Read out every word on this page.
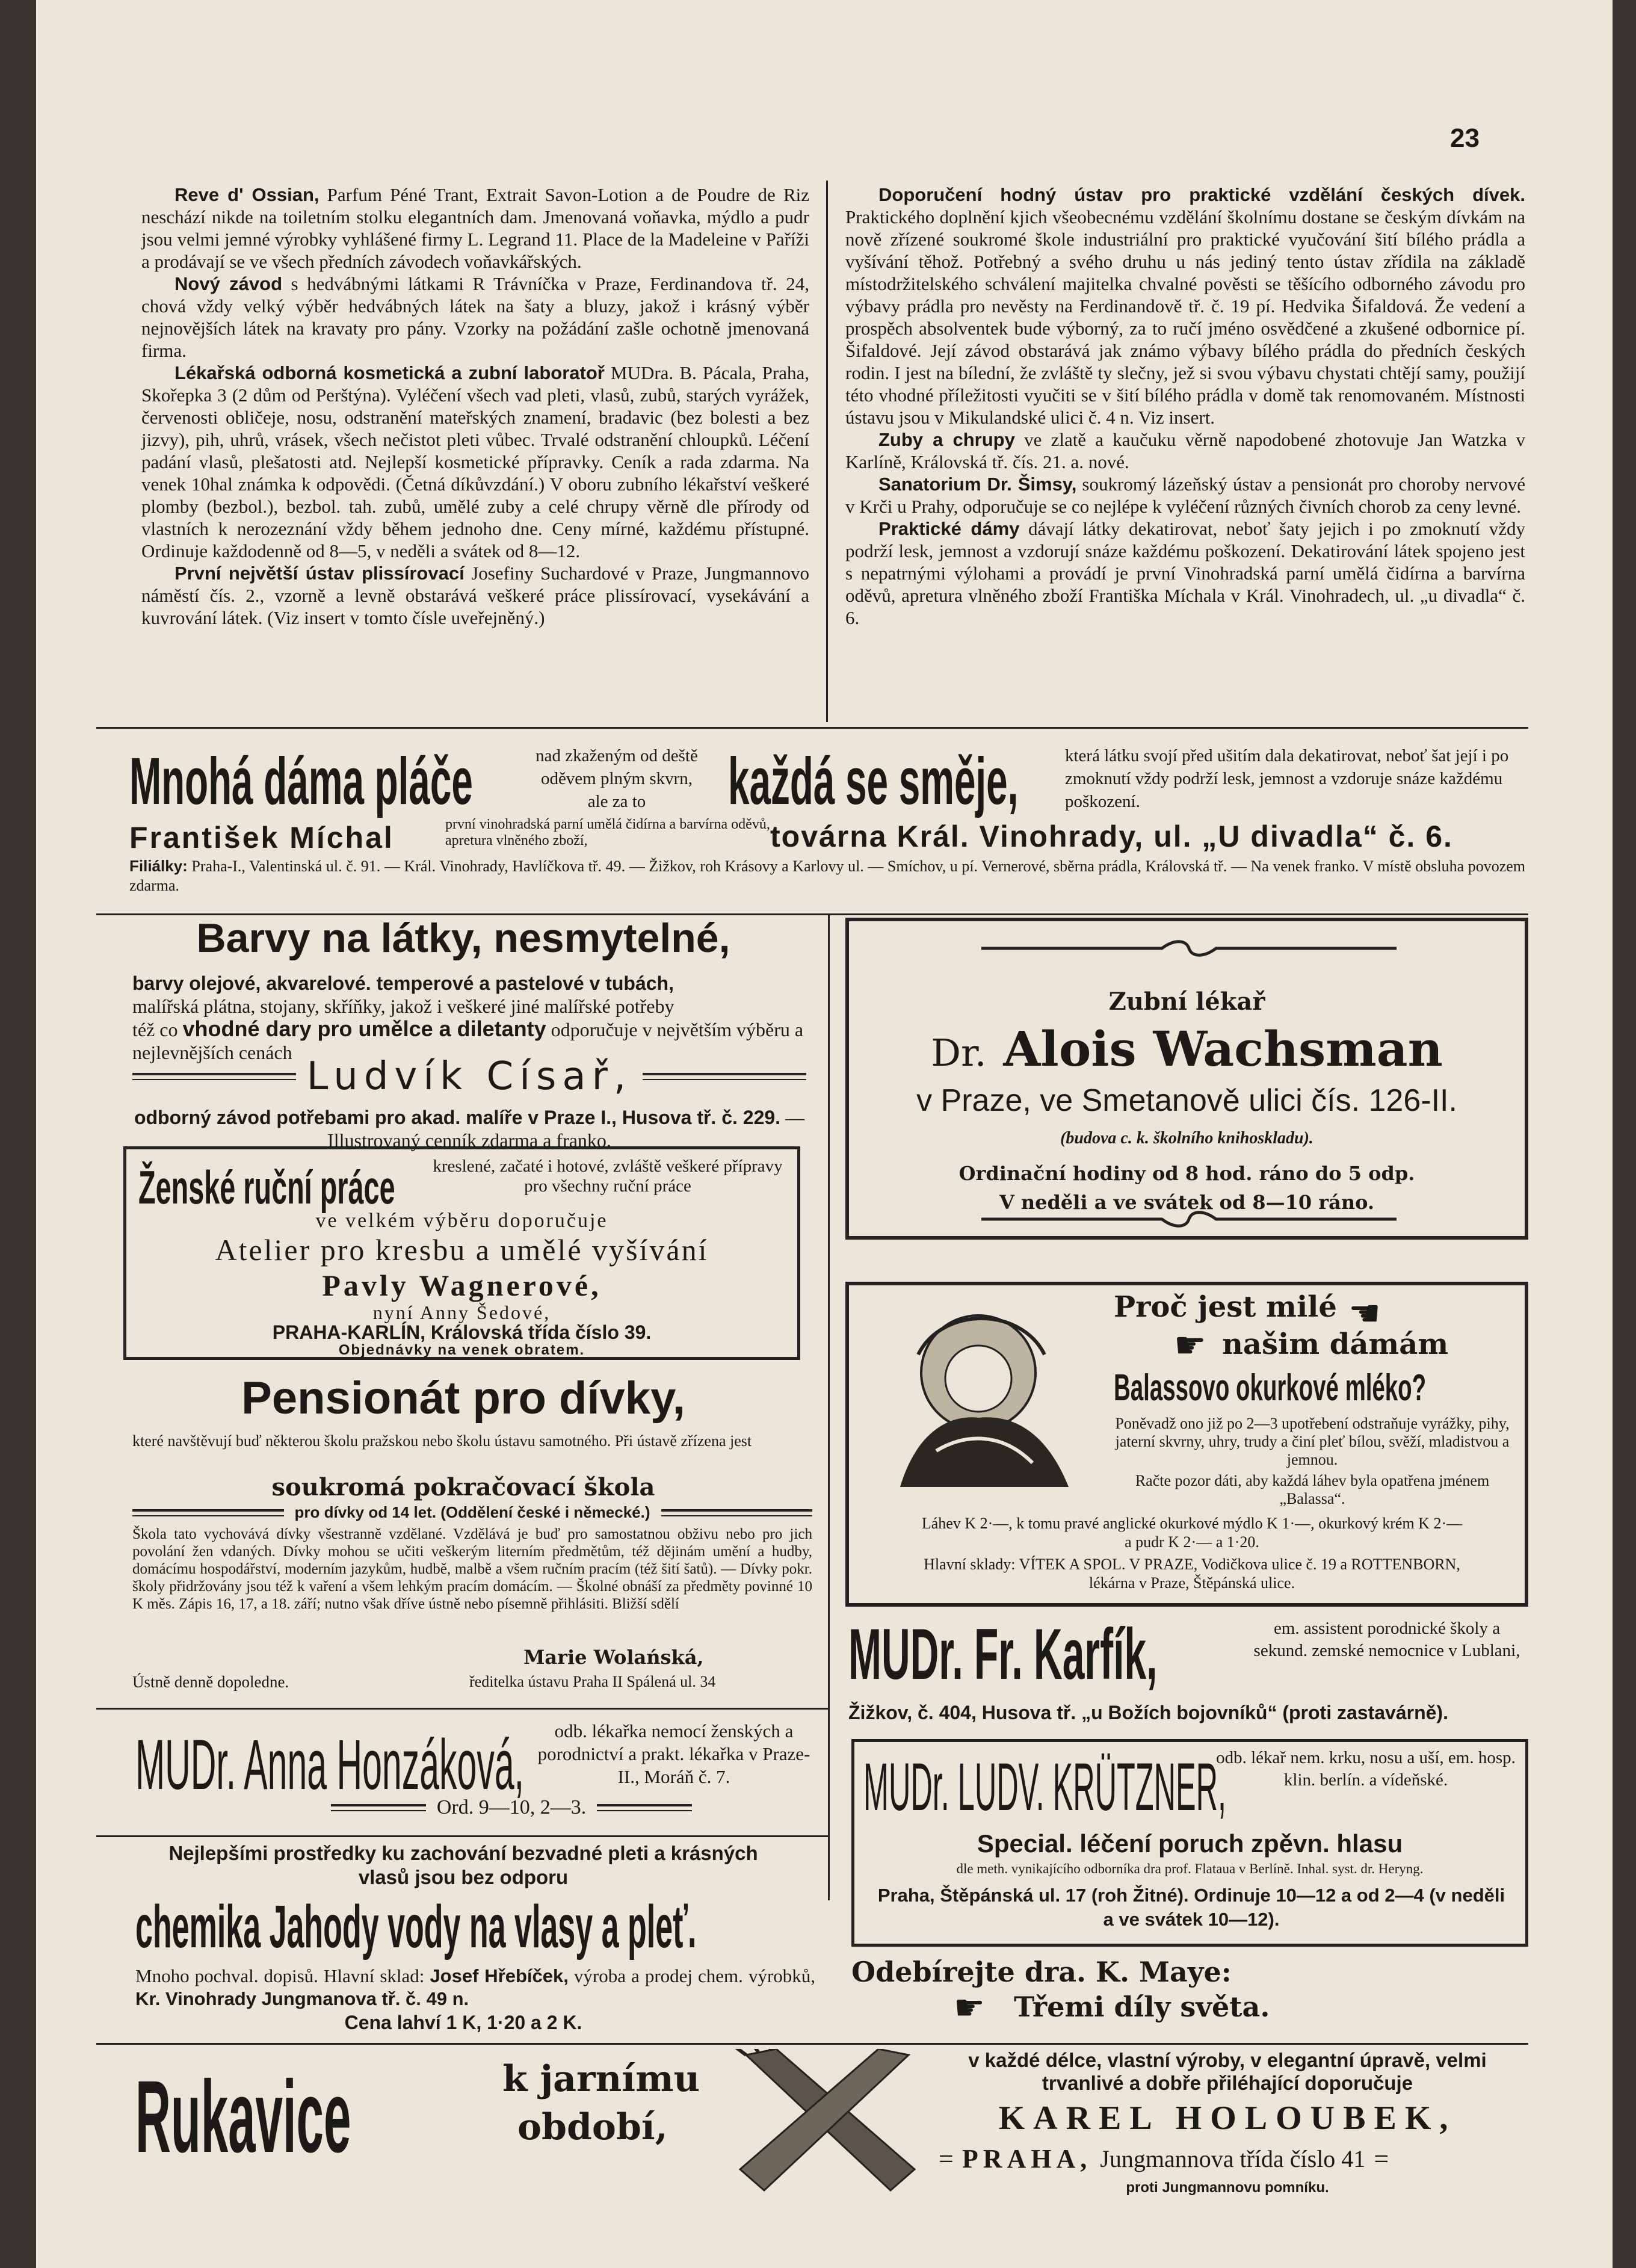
23

Reve d' Ossian, Parfum Péné Trant, Extrait Savon-Lotion a de Poudre de Riz neschází nikde na toiletním stolku elegantních dam. Jmenovaná voňavka, mýdlo a pudr jsou velmi jemné výrobky vyhlášené firmy L. Legrand 11. Place de la Madeleine v Paříži a prodávají se ve všech předních závodech voňavkářských.

Nový závod s hedvábnými látkami R Trávníčka v Praze, Ferdinandova tř. 24, chová vždy velký výběr hedvábných látek na šaty a bluzy, jakož i krásný výběr nejnovějších látek na kravaty pro pány. Vzorky na požádání zašle ochotně jmenovaná firma.

Lékařská odborná kosmetická a zubní laboratoř MUDra. B. Pácala, Praha, Skořepka 3 (2 dům od Perštýna). Vyléčení všech vad pleti, vlasů, zubů, starých vyrážek, červenosti obličeje, nosu, odstranění mateřských znamení, bradavic (bez bolesti a bez jizvy), pih, uhrů, vrásek, všech nečistot pleti vůbec. Trvalé odstranění chloupků. Léčení padání vlasů, plešatosti atd. Nejlepší kosmetické přípravky. Ceník a rada zdarma. Na venek 10hal známka k odpovědi. (Četná díkůvzdání.) V oboru zubního lékařství veškeré plomby (bezbol.), bezbol. tah. zubů, umělé zuby a celé chrupy věrně dle přírody od vlastních k nerozeznání vždy během jednoho dne. Ceny mírné, každému přístupné. Ordinuje každodenně od 8—5, v neděli a svátek od 8—12.

První největší ústav plissírovací Josefiny Suchardové v Praze, Jungmannovo náměstí čís. 2., vzorně a levně obstarává veškeré práce plissírovací, vysekávání a kuvrování látek. (Viz insert v tomto čísle uveřejněný.)

Doporučení hodný ústav pro praktické vzdělání českých dívek. Praktického doplnění kjich všeobecnému vzdělání školnímu dostane se českým dívkám na nově zřízené soukromé škole industriální pro praktické vyučování šití bílého prádla a vyšívání těhož. Potřebný a svého druhu u nás jediný tento ústav zřídila na základě místodržitelského schválení majitelka chvalné pověsti se těšícího odborného závodu pro výbavy prádla pro nevěsty na Ferdinandově tř. č. 19 pí. Hedvika Šifaldová. Že vedení a prospěch absolventek bude výborný, za to ručí jméno osvědčené a zkušené odbornice pí. Šifaldové. Její závod obstarává jak známo výbavy bílého prádla do předních českých rodin. I jest na bílední, že zvláště ty slečny, jež si svou výbavu chystati chtějí samy, použijí této vhodné příležitosti vyučiti se v šití bílého prádla v domě tak renomovaném. Místnosti ústavu jsou v Mikulandské ulici č. 4 n. Viz insert.

Zuby a chrupy ve zlatě a kaučuku věrně napodobené zhotovuje Jan Watzka v Karlíně, Královská tř. čís. 21. a. nové.

Sanatorium Dr. Šimsy, soukromý lázeňský ústav a pensionát pro choroby nervové v Krči u Prahy, odporučuje se co nejlépe k vyléčení různých čivních chorob za ceny levné.

Praktické dámy dávají látky dekatirovat, neboť šaty jejich i po zmoknutí vždy podrží lesk, jemnost a vzdorují snáze každému poškození. Dekatirování látek spojeno jest s nepatrnými výlohami a provádí je první Vinohradská parní umělá čidírna a barvírna oděvů, apretura vlněného zboží Františka Míchala v Král. Vinohradech, ul. „u divadla“ č. 6.

Mnohá dáma pláče	nad zkaženým od deště oděvem plným skvrn, ale za to	každá se směje,	která látku svojí před ušitím dala dekatirovat, neboť šat její i po zmoknutí vždy podrží lesk, jemnost a vzdoruje snáze každému poškození.
František Míchal	první vinohradská parní umělá čidírna a barvírna oděvů, apretura vlněného zboží,	továrna Král. Vinohrady, ul. „U divadla“ č. 6.
Filiálky: Praha-I., Valentinská ul. č. 91. — Král. Vinohrady, Havlíčkova tř. 49. — Žižkov, roh Krásovy a Karlovy ul. — Smíchov, u pí. Vernerové, sběrna prádla, Královská tř. — Na venek franko. V místě obsluha povozem zdarma.
Barvy na látky, nesmytelné,
barvy olejové, akvarelové. temperové a pastelové v tubách,
malířská plátna, stojany, skříňky, jakož i veškeré jiné malířské potřeby
též co vhodné dary pro umělce a diletanty odporučuje v největším výběru a nejlevnějších cenách
Ludvík Císař,
odborný závod potřebami pro akad. malíře v Praze I., Husova tř. č. 229. — Illustrovaný cenník zdarma a franko.
Zubní lékař
Dr. Alois Wachsman
v Praze, ve Smetanově ulici čís. 126-II.
(budova c. k. školního knihoskladu).
Ordinační hodiny od 8 hod. ráno do 5 odp.
V neděli a ve svátek od 8—10 ráno.
Ženské ruční práce	kreslené, začaté i hotové, zvláště veškeré přípravy pro všechny ruční práce
ve velkém výběru doporučuje
Atelier pro kresbu a umělé vyšívání
Pavly Wagnerové,
nyní Anny Šedové,
PRAHA-KARLÍN, Královská třída číslo 39.
Objednávky na venek obratem.
Proč jest milé ☚
☛ našim dámám
Balassovo okurkové mléko?
Poněvadž ono již po 2—3 upotřebení odstraňuje vyrážky, pihy, jaterní skvrny, uhry, trudy a činí pleť bílou, svěží, mladistvou a jemnou.
Račte pozor dáti, aby každá láhev byla opatřena jménem „Balassa“.
Láhev K 2·—, k tomu pravé anglické okurkové mýdlo K 1·—, okurkový krém K 2·— a pudr K 2·— a 1·20.
Hlavní sklady: VÍTEK A SPOL. V PRAZE, Vodičkova ulice č. 19 a ROTTENBORN, lékárna v Praze, Štěpánská ulice.
Pensionát pro dívky,
které navštěvují buď některou školu pražskou nebo školu ústavu samotného. Při ústavě zřízena jest
soukromá pokračovací škola
pro dívky od 14 let. (Oddělení české i německé.)
Škola tato vychovává dívky všestranně vzdělané. Vzdělává je buď pro samostatnou obživu nebo pro jich povolání žen vdaných. Dívky mohou se učiti veškerým literním předmětům, též dějinám umění a hudby, domácímu hospodářství, moderním jazykům, hudbě, malbě a všem ručním pracím (též šití šatů). — Dívky pokr. školy přidržovány jsou též k vaření a všem lehkým pracím domácím. — Školné obnáší za předměty povinné 10 K měs. Zápis 16, 17, a 18. září; nutno však dříve ústně nebo písemně přihlásiti. Bližší sdělí
Marie Wolańská,
Ústně denně dopoledne.	ředitelka ústavu Praha II Spálená ul. 34 MUDr. Fr. Karfík,	em. assistent porodnické školy a sekund. zemské nemocnice v Lublani,
Žižkov, č. 404, Husova tř. „u Božích bojovníků“ (proti zastavárně).
MUDr. Anna Honzáková,	odb. lékařka nemocí ženských a porodnictví a prakt. lékařka v Praze-II., Moráň č. 7.
Ord. 9—10, 2—3.	MUDr. LUDV. KRÜTZNER,
odb. lékař nem. krku, nosu a uší, em. hosp. klin. berlín. a vídeňské.
Special. léčení poruch zpěvn. hlasu
dle meth. vynikajícího odborníka dra prof. Flataua v Berlíně. Inhal. syst. dr. Heryng.
Praha, Štěpánská ul. 17 (roh Žitné). Ordinuje 10—12 a od 2—4 (v neděli a ve svátek 10—12).
Nejlepšími prostředky ku zachování bezvadné pleti a krásných vlasů jsou bez odporu
chemika Jahody vody na vlasy a pleť.
Mnoho pochval. dopisů. Hlavní sklad: Josef Hřebíček, výroba a prodej chem. výrobků, Kr. Vinohrady Jungmanova tř. č. 49 n.
Cena lahví 1 K, 1·20 a 2 K.
Odebírejte dra. K. Maye:
☛ Třemi díly světa.
Rukavice	k jarnímu
období,
v každé délce, vlastní výroby, v elegantní úpravě, velmi trvanlivé a dobře přiléhající doporučuje
KAREL HOLOUBEK,
= PRAHA, Jungmannova třída číslo 41 =
proti Jungmannovu pomníku.
